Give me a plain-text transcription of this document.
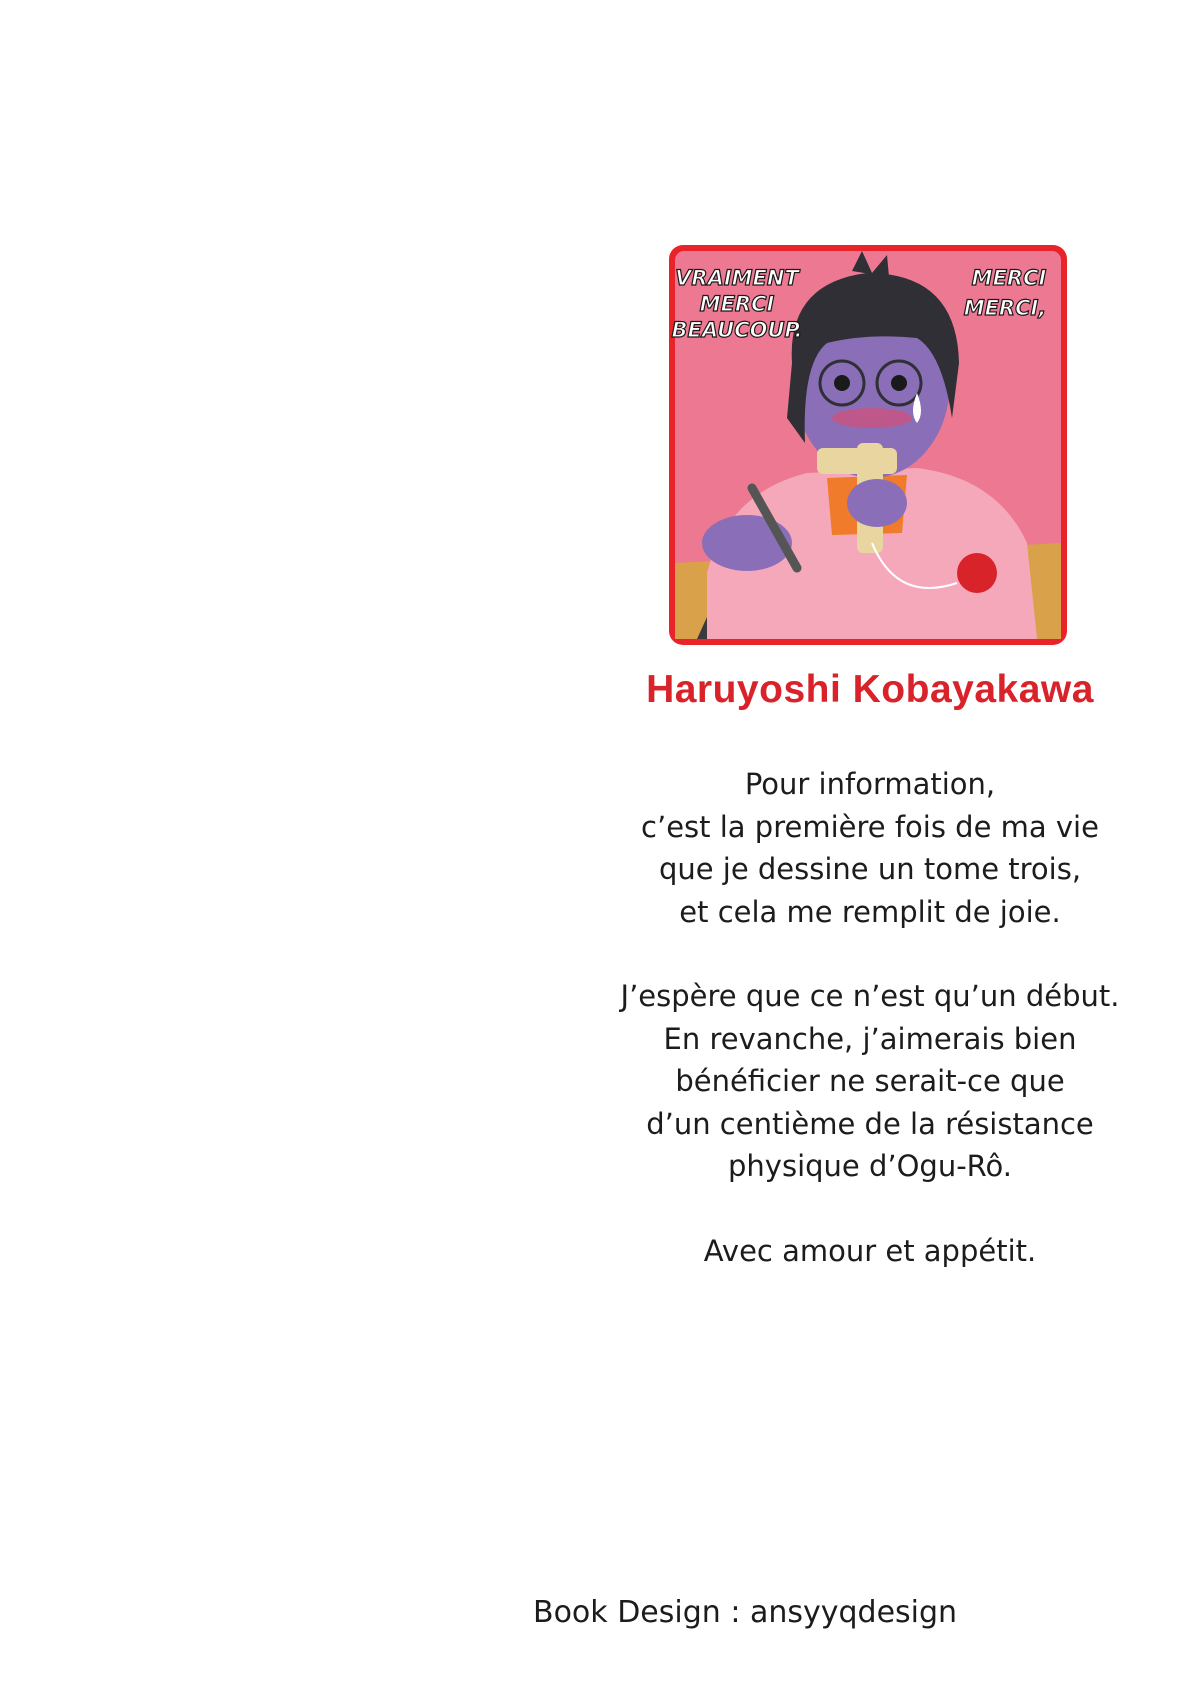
VRAIMENT
MERCI
BEAUCOUP.
MERCI
MERCI,
Haruyoshi Kobayakawa

Pour information,
c’est la première fois de ma vie
que je dessine un tome trois,
et cela me remplit de joie.

J’espère que ce n’est qu’un début.
En revanche, j’aimerais bien
bénéficier ne serait-ce que
d’un centième de la résistance
physique d’Ogu-Rô.

Avec amour et appétit.

Book Design : ansyyqdesign
